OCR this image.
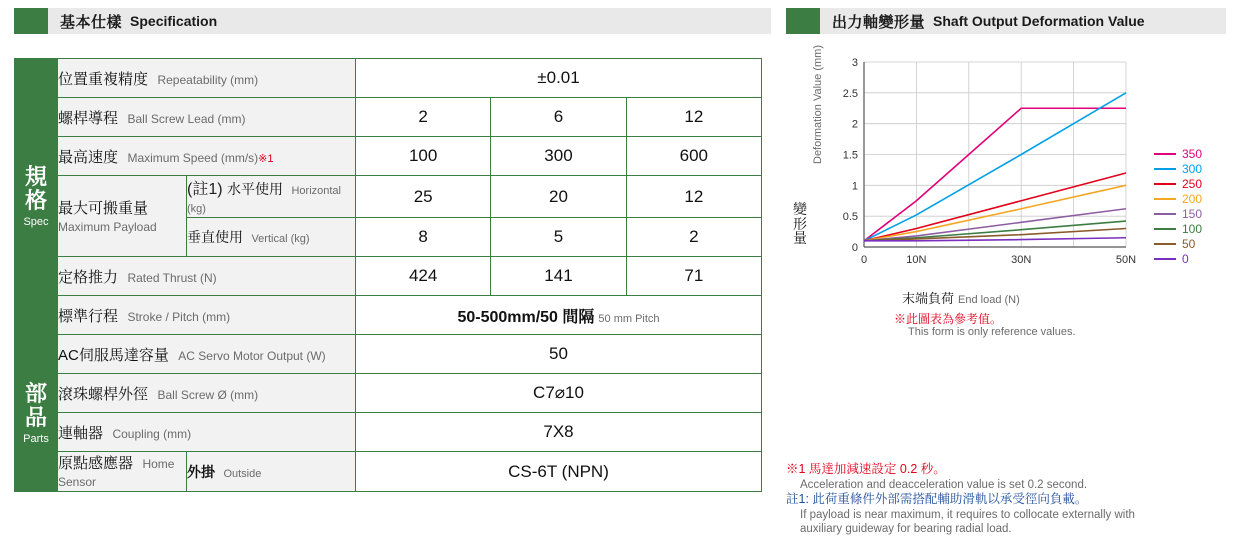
基本仕樣 Specification	出力軸變形量 Shaft Output Deformation Value
規格
Spec	位置重複精度 Repeatability (mm)		±0.01		
	螺桿導程 Ball Screw Lead (mm)		2	6	12
	最高速度 Maximum Speed (mm/s)※1		100	300	600
	最大可搬重量
Maximum Payload	(註1) 水平使用 Horizontal (kg)	25	20	12
		垂直使用 Vertical (kg)	8	5	2
	定格推力 Rated Thrust (N)		424	141	71
	標準行程 Stroke / Pitch (mm)		50-500mm/50 間隔 50 mm Pitch		
部品
Parts	AC伺服馬達容量 AC Servo Motor Output (W)		50		
	滾珠螺桿外徑 Ball Screw Ø (mm)		C7⌀10		
	連軸器 Coupling (mm)		7X8		
	原點感應器 Home Sensor	外掛 Outside	CS-6T (NPN)		
變形量
Deformation Value (mm)
0
0.5
1
1.5
2
2.5
3
0	10N	30N	50N
350
300
250
200
150
100
50
0
末端負荷 End load (N)
※此圖表為參考值。
This form is only reference values.
※1 馬達加減速設定 0.2 秒。
Acceleration and deacceleration value is set 0.2 second.
註1: 此荷重條件外部需搭配輔助滑軌以承受徑向負載。
If payload is near maximum, it requires to collocate externally with
auxiliary guideway for bearing radial load.
